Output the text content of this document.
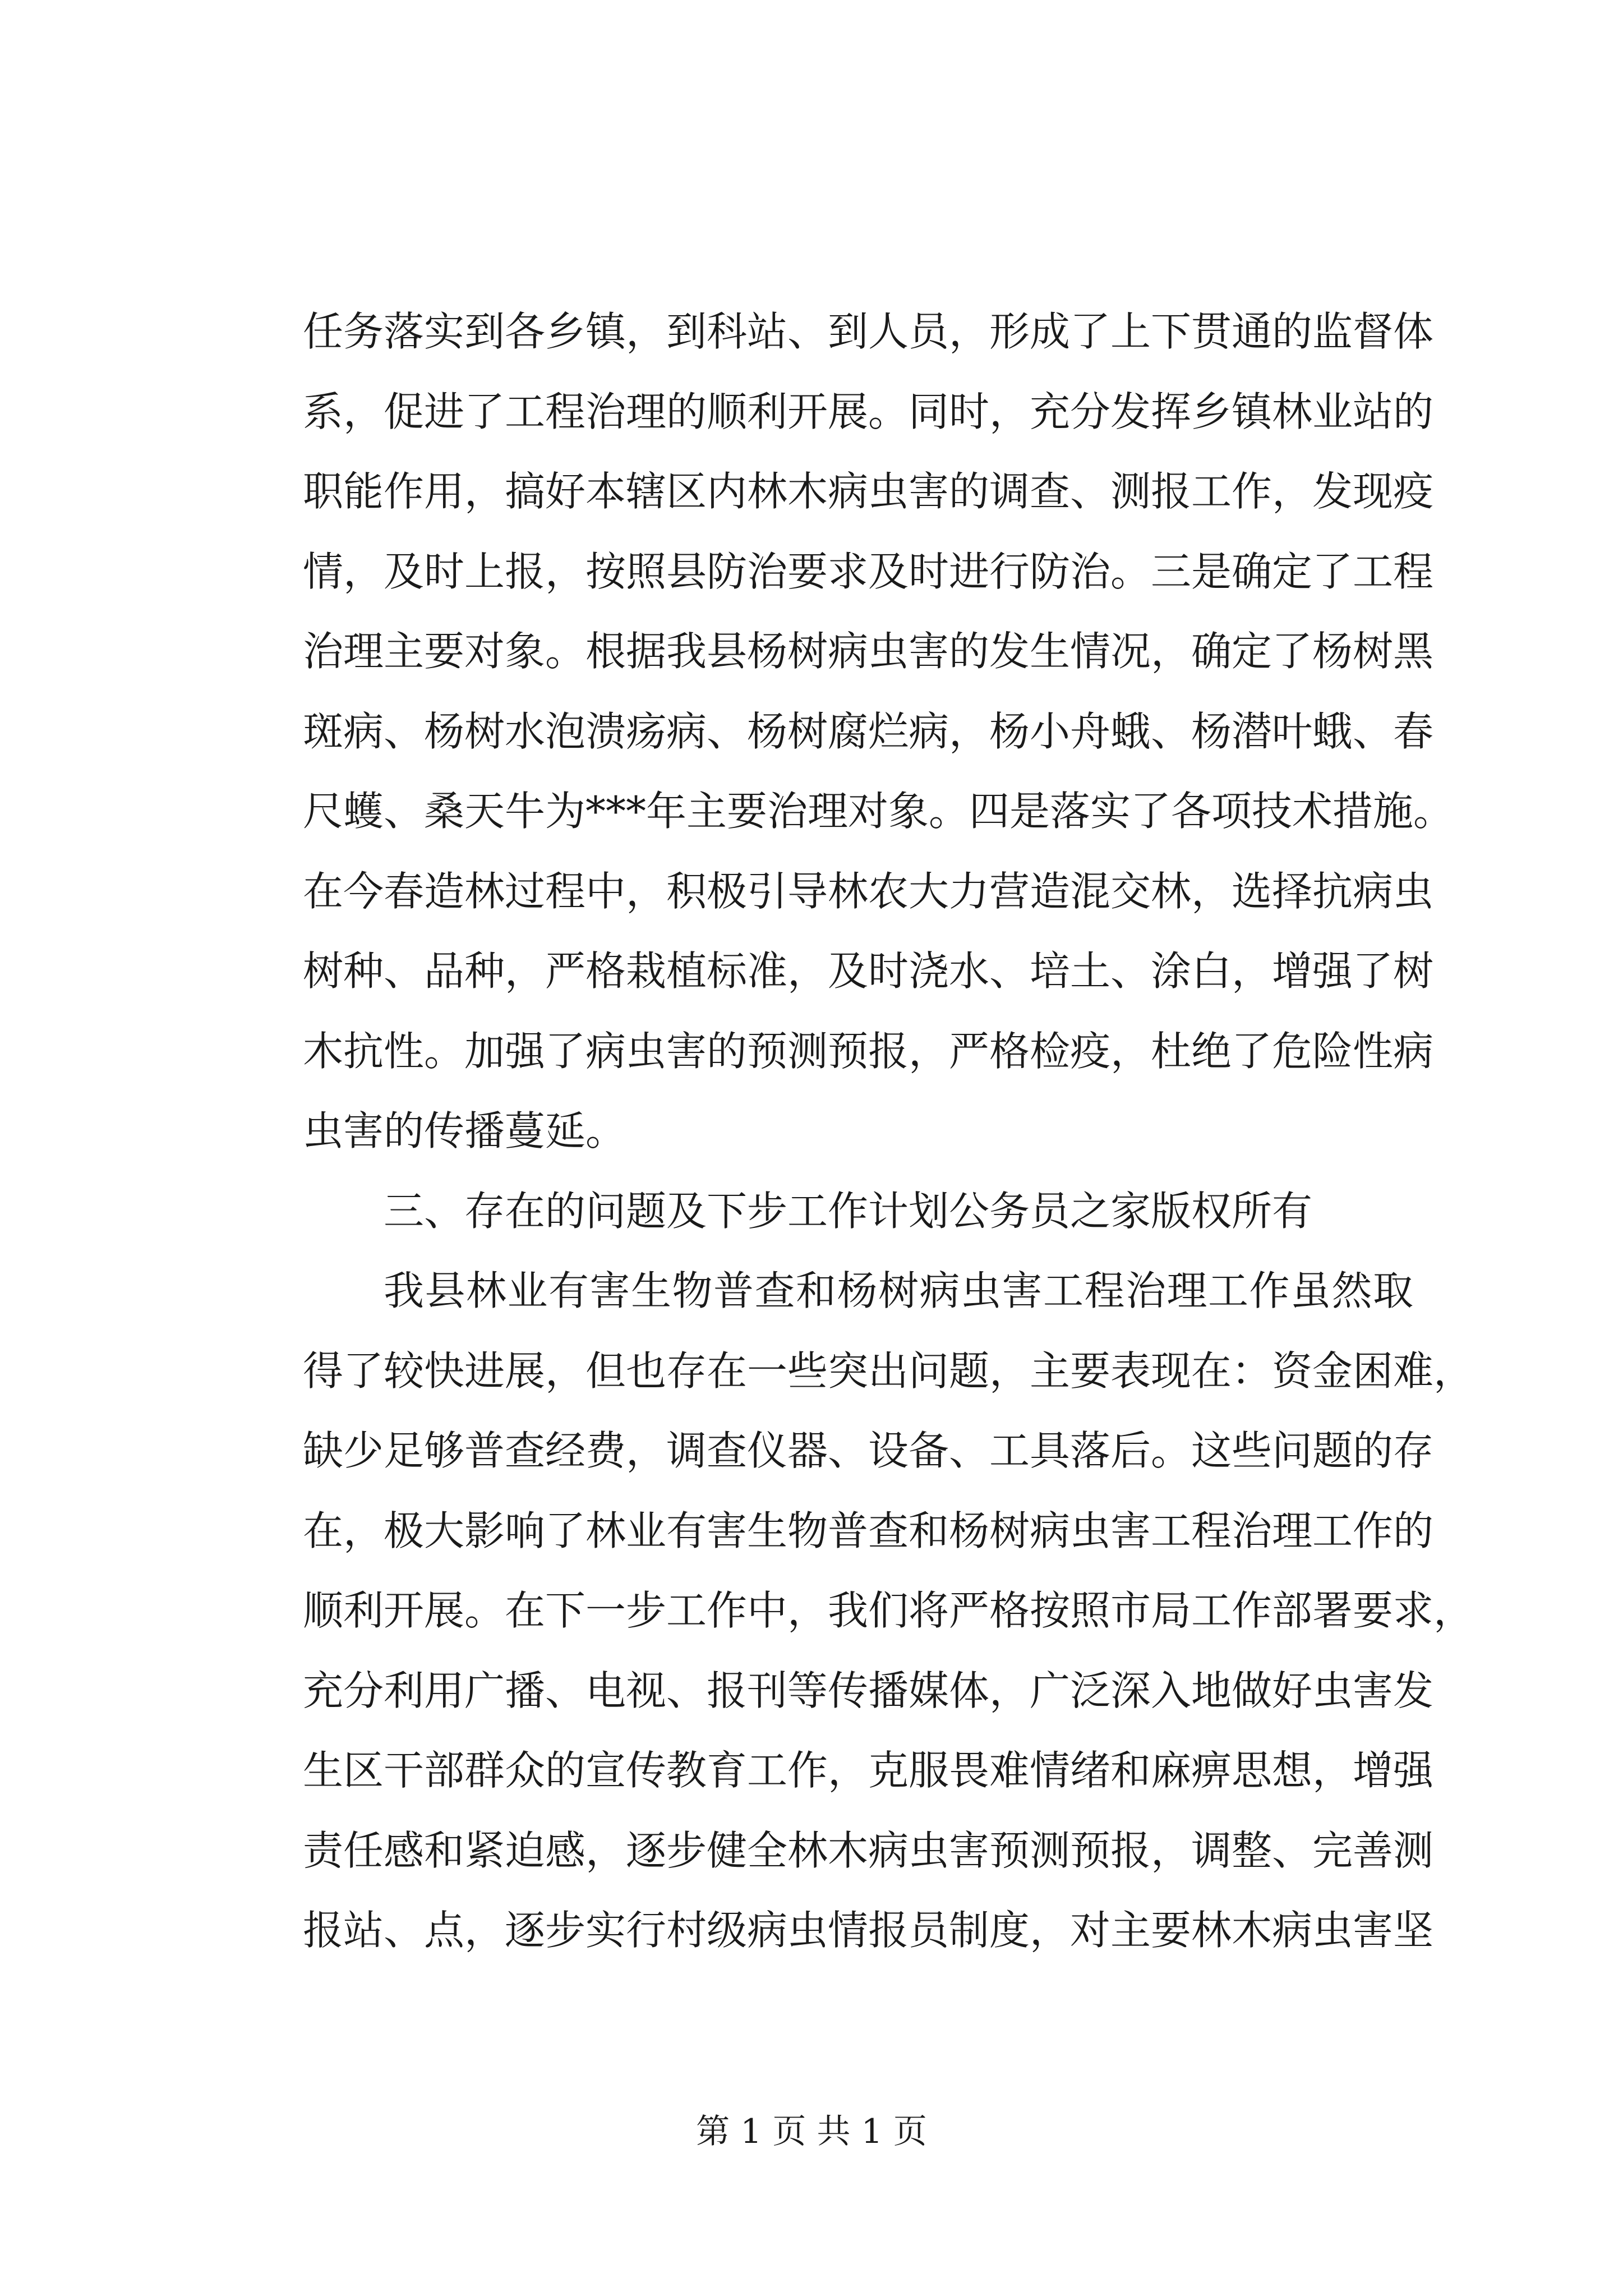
任务落实到各乡镇，到科站、到人员，形成了上下贯通的监督体
系，促进了工程治理的顺利开展。同时，充分发挥乡镇林业站的
职能作用，搞好本辖区内林木病虫害的调查、测报工作，发现疫
情，及时上报，按照县防治要求及时进行防治。三是确定了工程
治理主要对象。根据我县杨树病虫害的发生情况，确定了杨树黑
斑病、杨树水泡溃疡病、杨树腐烂病，杨小舟蛾、杨潜叶蛾、春
尺蠖、桑天牛为***年主要治理对象。四是落实了各项技术措施。
在今春造林过程中，积极引导林农大力营造混交林，选择抗病虫
树种、品种，严格栽植标准，及时浇水、培土、涂白，增强了树
木抗性。加强了病虫害的预测预报，严格检疫，杜绝了危险性病
虫害的传播蔓延。
三、存在的问题及下步工作计划公务员之家版权所有
我县林业有害生物普查和杨树病虫害工程治理工作虽然取
得了较快进展，但也存在一些突出问题，主要表现在：资金困难，
缺少足够普查经费，调查仪器、设备、工具落后。这些问题的存
在，极大影响了林业有害生物普查和杨树病虫害工程治理工作的
顺利开展。在下一步工作中，我们将严格按照市局工作部署要求，
充分利用广播、电视、报刊等传播媒体，广泛深入地做好虫害发
生区干部群众的宣传教育工作，克服畏难情绪和麻痹思想，增强
责任感和紧迫感，逐步健全林木病虫害预测预报，调整、完善测
报站、点，逐步实行村级病虫情报员制度，对主要林木病虫害坚
第 1 页 共 1 页
